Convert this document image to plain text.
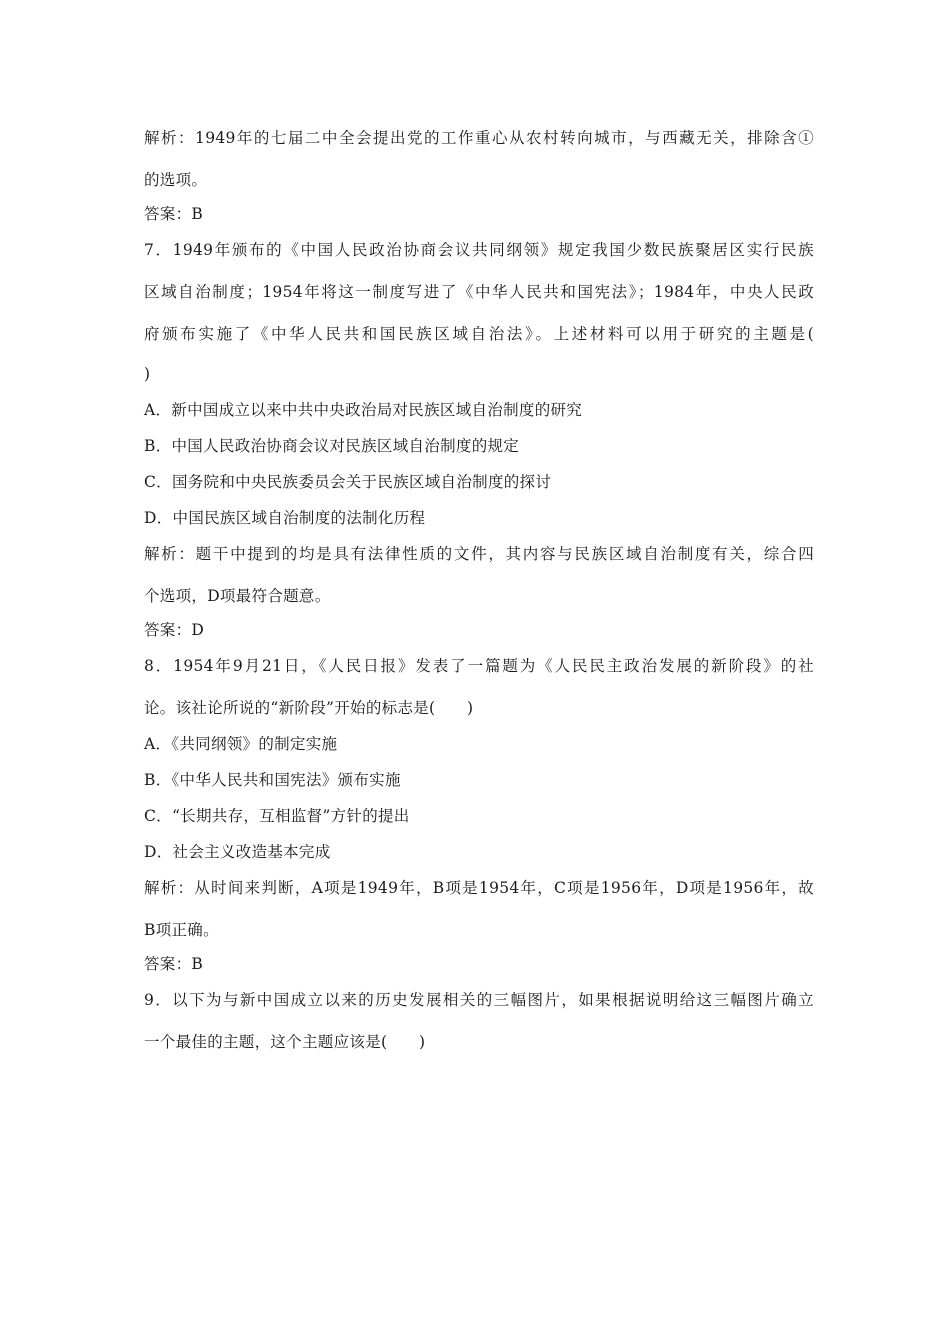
解析：1949年的七届二中全会提出党的工作重心从农村转向城市，与西藏无关，排除含①
的选项。
答案：B
7．1949年颁布的《中国人民政治协商会议共同纲领》规定我国少数民族聚居区实行民族
区域自治制度；1954年将这一制度写进了《中华人民共和国宪法》；1984年，中央人民政
府颁布实施了《中华人民共和国民族区域自治法》。上述材料可以用于研究的主题是(
)
A．新中国成立以来中共中央政治局对民族区域自治制度的研究
B．中国人民政治协商会议对民族区域自治制度的规定
C．国务院和中央民族委员会关于民族区域自治制度的探讨
D．中国民族区域自治制度的法制化历程
解析：题干中提到的均是具有法律性质的文件，其内容与民族区域自治制度有关，综合四
个选项，D项最符合题意。
答案：D
8．1954年9月21日，《人民日报》发表了一篇题为《人民民主政治发展的新阶段》的社
论。该社论所说的“新阶段”开始的标志是(　　)
A．《共同纲领》的制定实施
B．《中华人民共和国宪法》颁布实施
C．“长期共存，互相监督”方针的提出
D．社会主义改造基本完成
解析：从时间来判断，A项是1949年，B项是1954年，C项是1956年，D项是1956年，故
B项正确。
答案：B
9．以下为与新中国成立以来的历史发展相关的三幅图片，如果根据说明给这三幅图片确立
一个最佳的主题，这个主题应该是(　　)
